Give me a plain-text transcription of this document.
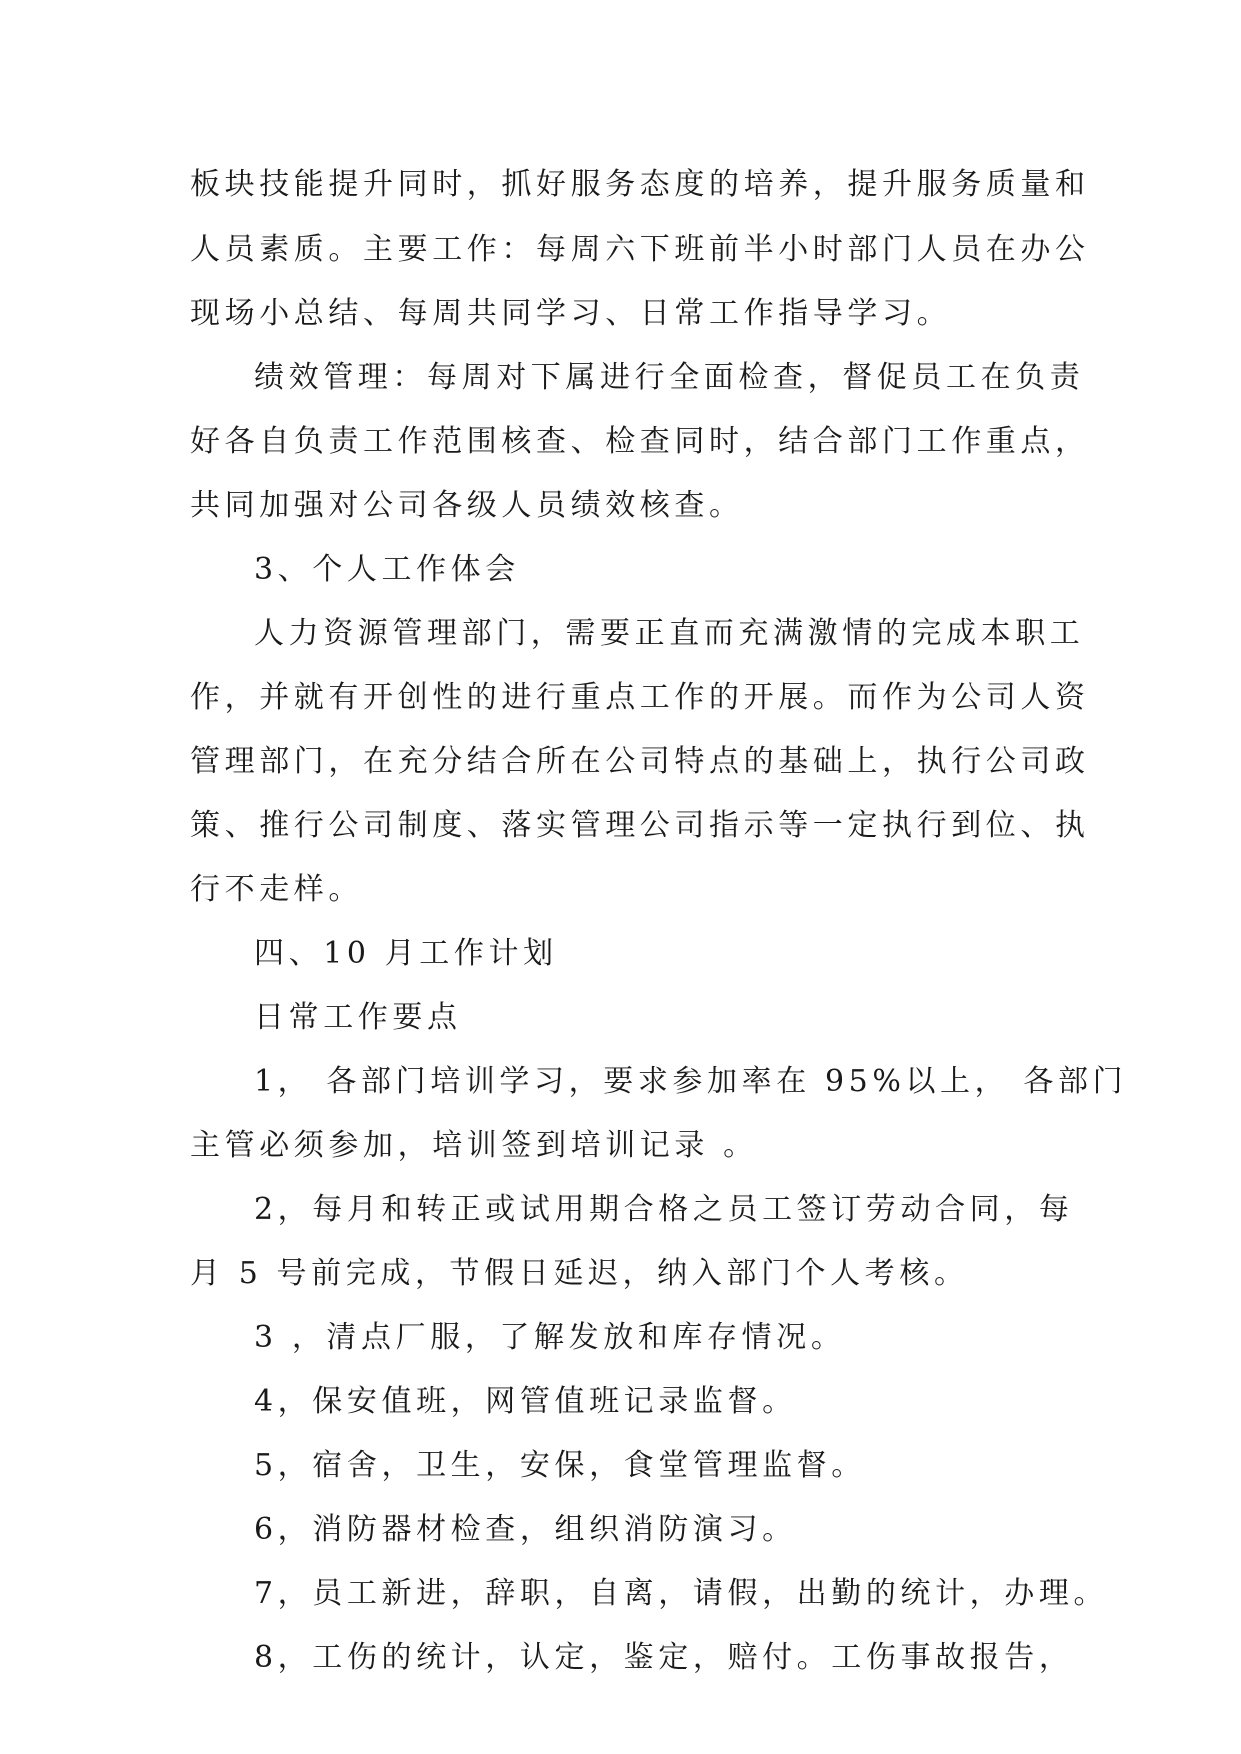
板块技能提升同时，抓好服务态度的培养，提升服务质量和
人员素质。主要工作：每周六下班前半小时部门人员在办公
现场小总结、每周共同学习、日常工作指导学习。
绩效管理：每周对下属进行全面检查，督促员工在负责
好各自负责工作范围核查、检查同时，结合部门工作重点，
共同加强对公司各级人员绩效核查。
3、个人工作体会
人力资源管理部门，需要正直而充满激情的完成本职工
作，并就有开创性的进行重点工作的开展。而作为公司人资
管理部门，在充分结合所在公司特点的基础上，执行公司政
策、推行公司制度、落实管理公司指示等一定执行到位、执
行不走样。
四、10 月工作计划
日常工作要点
1， 各部门培训学习，要求参加率在 95%以上， 各部门
主管必须参加，培训签到培训记录 。
2，每月和转正或试用期合格之员工签订劳动合同，每
月 5 号前完成，节假日延迟，纳入部门个人考核。
3 ，清点厂服，了解发放和库存情况。
4，保安值班，网管值班记录监督。
5，宿舍，卫生，安保，食堂管理监督。
6，消防器材检查，组织消防演习。
7，员工新进，辞职，自离，请假，出勤的统计，办理。
8，工伤的统计，认定，鉴定，赔付。工伤事故报告，
